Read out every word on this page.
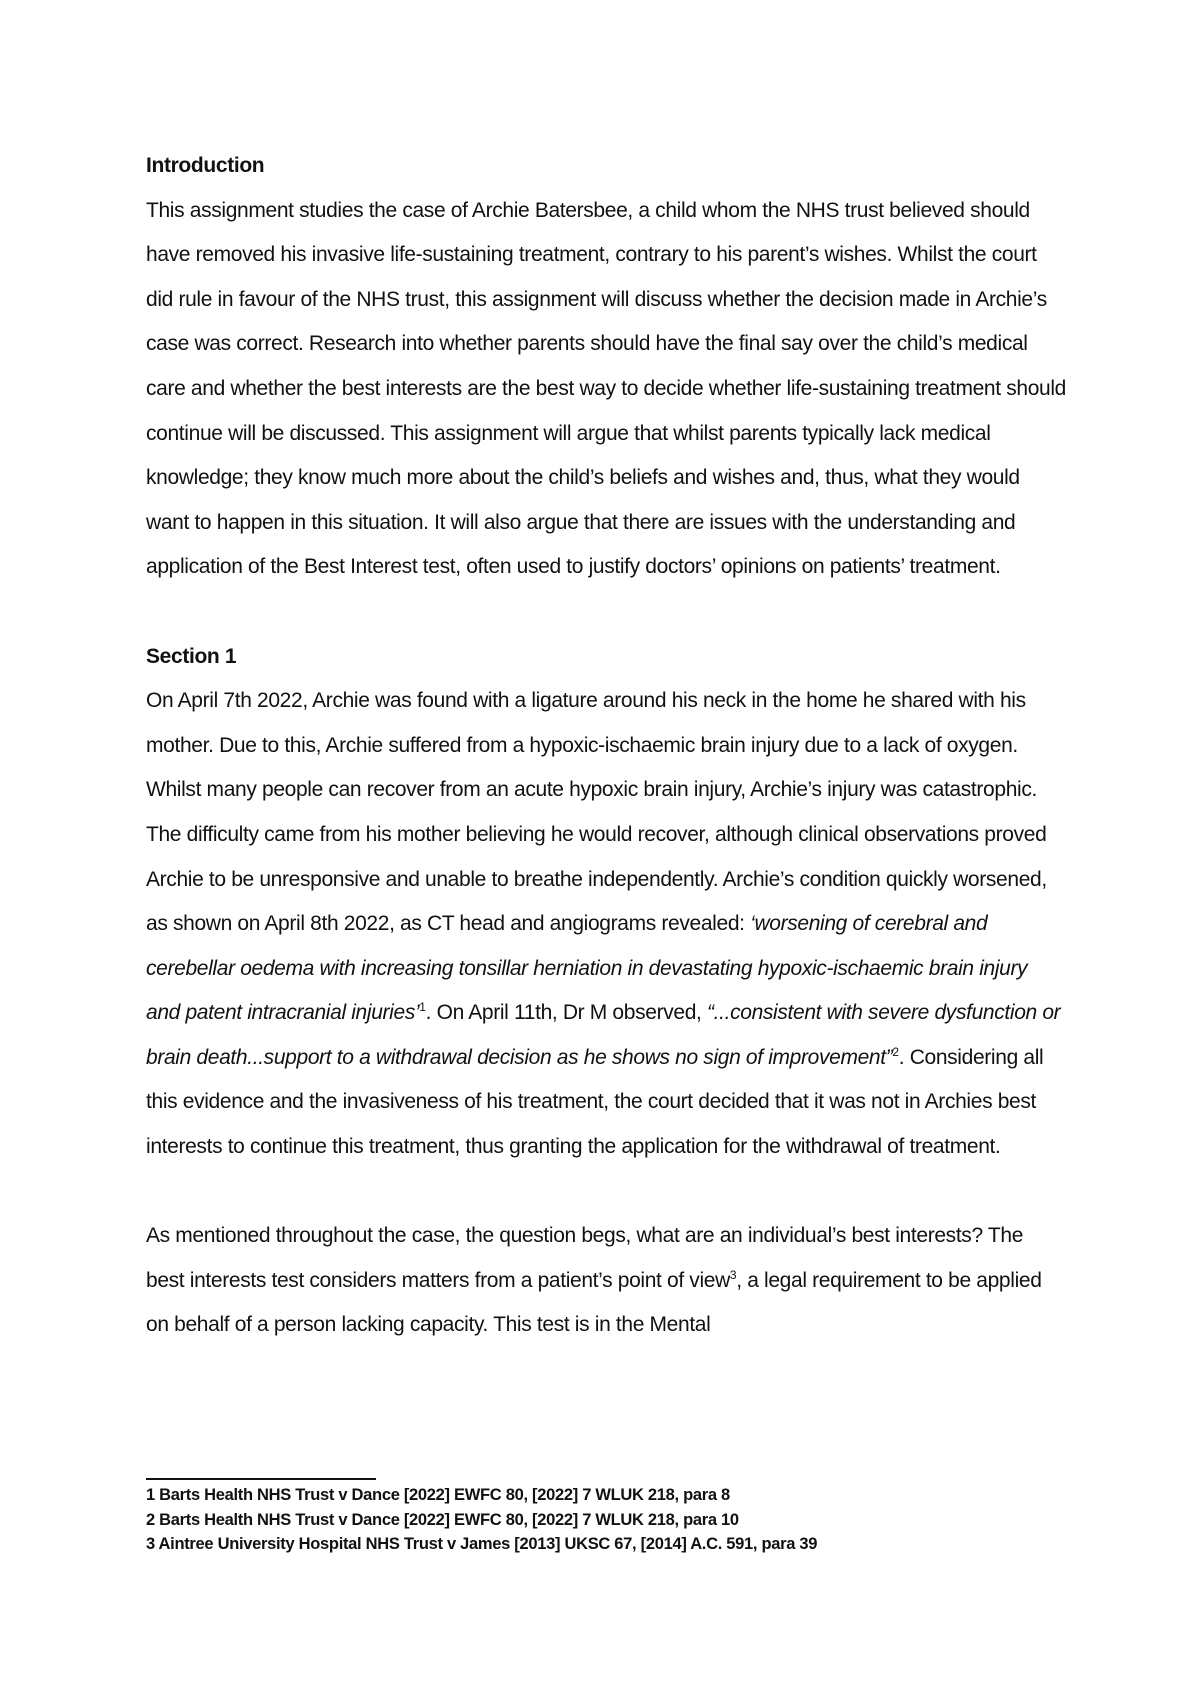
Introduction

This assignment studies the case of Archie Batersbee, a child whom the NHS trust believed should have removed his invasive life-sustaining treatment, contrary to his parent’s wishes. Whilst the court did rule in favour of the NHS trust, this assignment will discuss whether the decision made in Archie’s case was correct. Research into whether parents should have the final say over the child’s medical care and whether the best interests are the best way to decide whether life-sustaining treatment should continue will be discussed. This assignment will argue that whilst parents typically lack medical knowledge; they know much more about the child’s beliefs and wishes and, thus, what they would want to happen in this situation. It will also argue that there are issues with the understanding and application of the Best Interest test, often used to justify doctors’ opinions on patients’ treatment.

Section 1

On April 7th 2022, Archie was found with a ligature around his neck in the home he shared with his mother. Due to this, Archie suffered from a hypoxic-ischaemic brain injury due to a lack of oxygen. Whilst many people can recover from an acute hypoxic brain injury, Archie’s injury was catastrophic. The difficulty came from his mother believing he would recover, although clinical observations proved Archie to be unresponsive and unable to breathe independently. Archie’s condition quickly worsened, as shown on April 8th 2022, as CT head and angiograms revealed: ‘worsening of cerebral and cerebellar oedema with increasing tonsillar herniation in devastating hypoxic-ischaemic brain injury and patent intracranial injuries’$^1$. On April 11th, Dr M observed, “...consistent with severe dysfunction or brain death...support to a withdrawal decision as he shows no sign of improvement”$^2$. Considering all this evidence and the invasiveness of his treatment, the court decided that it was not in Archies best interests to continue this treatment, thus granting the application for the withdrawal of treatment.

As mentioned throughout the case, the question begs, what are an individual’s best interests? The best interests test considers matters from a patient’s point of view$^3$, a legal requirement to be applied on behalf of a person lacking capacity. This test is in the Mental

1 Barts Health NHS Trust v Dance [2022] EWFC 80, [2022] 7 WLUK 218, para 8

2 Barts Health NHS Trust v Dance [2022] EWFC 80, [2022] 7 WLUK 218, para 10

3 Aintree University Hospital NHS Trust v James [2013] UKSC 67, [2014] A.C. 591, para 39
